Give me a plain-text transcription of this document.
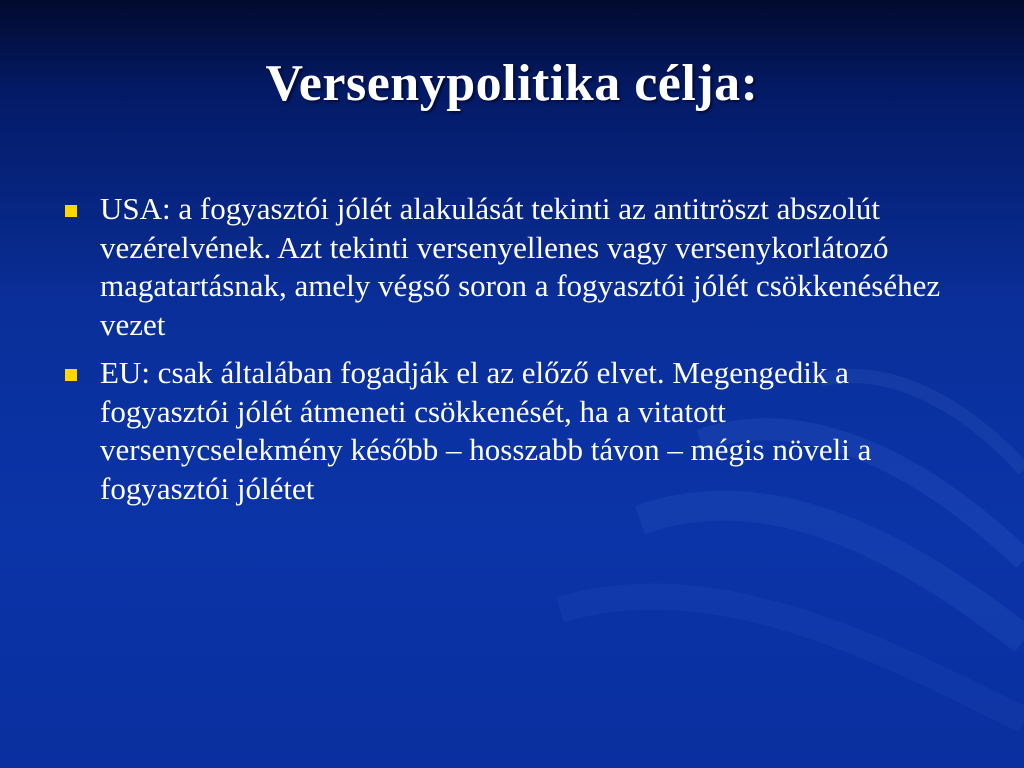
Versenypolitika célja:
USA: a fogyasztói jólét alakulását tekinti az antitröszt abszolút vezérelvének. Azt tekinti versenyellenes vagy versenykorlátozó magatartásnak, amely végső soron a fogyasztói jólét csökkenéséhez vezet
EU: csak általában fogadják el az előző elvet. Megengedik a fogyasztói jólét átmeneti csökkenését, ha a vitatott versenycselekmény később – hosszabb távon – mégis növeli a fogyasztói jólétet
